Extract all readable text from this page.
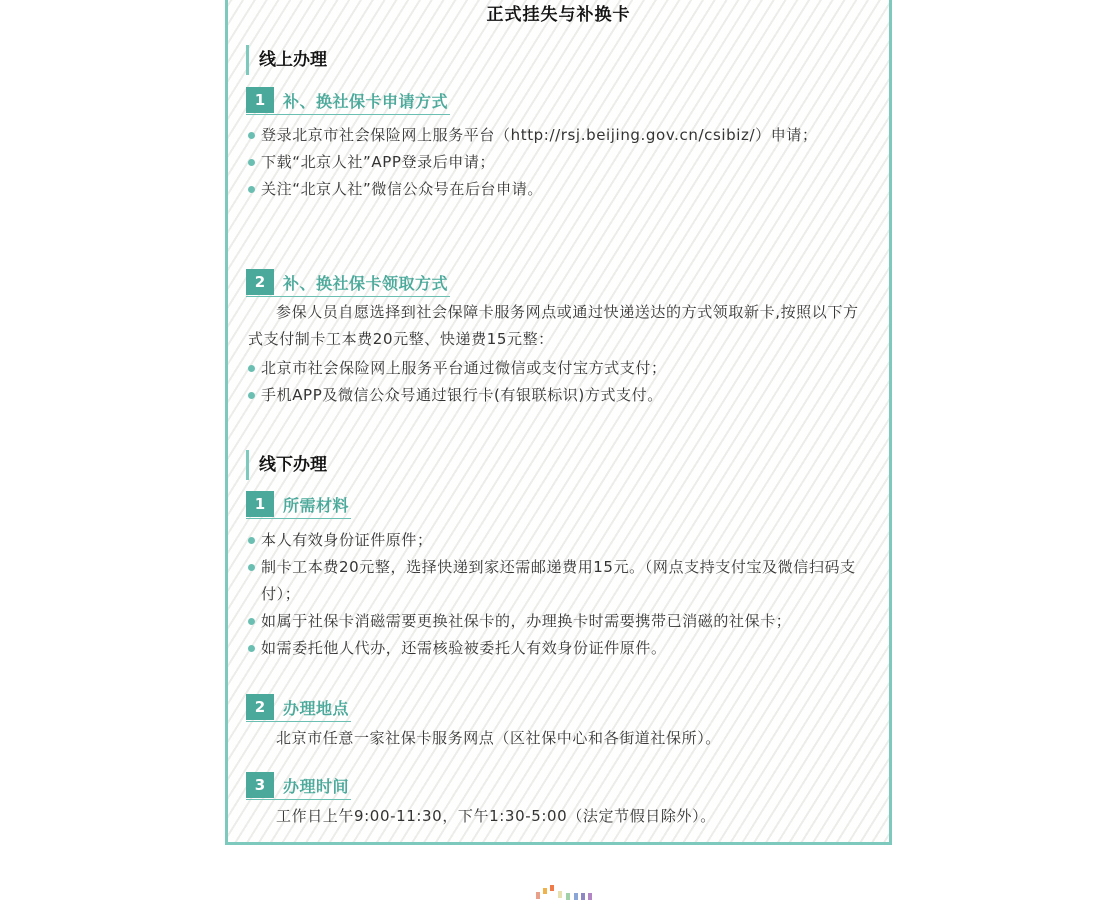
正式挂失与补换卡
线上办理
1	补、换社保卡申请方式
登录北京市社会保险网上服务平台（http://rsj.beijing.gov.cn/csibiz/）申请；
下载“北京人社”APP登录后申请；
关注“北京人社”微信公众号在后台申请。
2	补、换社保卡领取方式
参保人员自愿选择到社会保障卡服务网点或通过快递送达的方式领取新卡,按照以下方式支付制卡工本费20元整、快递费15元整：
北京市社会保险网上服务平台通过微信或支付宝方式支付；
手机APP及微信公众号通过银行卡(有银联标识)方式支付。
线下办理
1	所需材料
本人有效身份证件原件；
制卡工本费20元整，选择快递到家还需邮递费用15元。（网点支持支付宝及微信扫码支付）；
如属于社保卡消磁需要更换社保卡的，办理换卡时需要携带已消磁的社保卡；
如需委托他人代办，还需核验被委托人有效身份证件原件。
2	办理地点
北京市任意一家社保卡服务网点（区社保中心和各街道社保所）。
3	办理时间
工作日上午9:00-11:30，下午1:30-5:00（法定节假日除外）。
